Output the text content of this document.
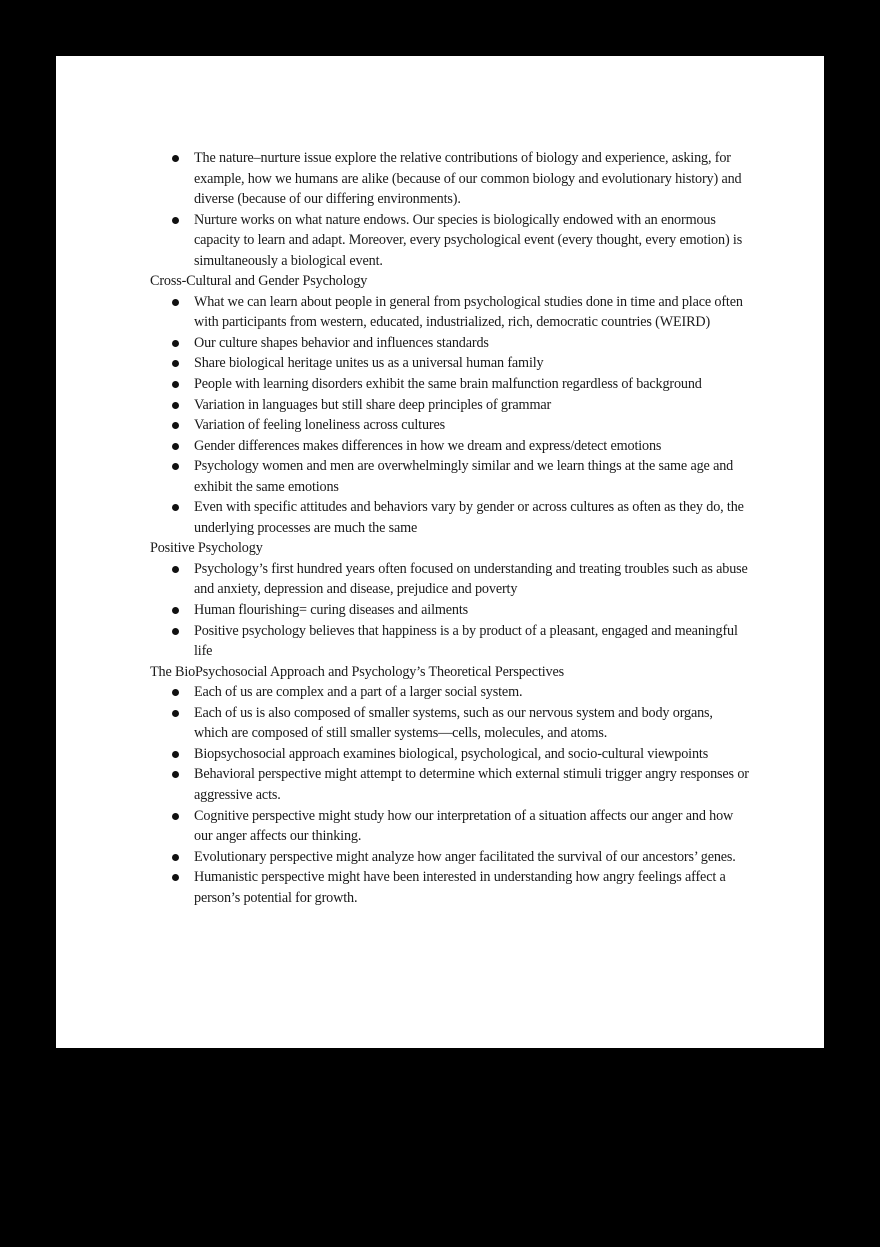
The nature–nurture issue explore the relative contributions of biology and experience, asking, for example, how we humans are alike (because of our common biology and evolutionary history) and diverse (because of our differing environments).
Nurture works on what nature endows. Our species is biologically endowed with an enormous capacity to learn and adapt. Moreover, every psychological event (every thought, every emotion) is simultaneously a biological event.
Cross-Cultural and Gender Psychology
What we can learn about people in general from psychological studies done in time and place often with participants from western, educated, industrialized, rich, democratic countries (WEIRD)
Our culture shapes behavior and influences standards
Share biological heritage unites us as a universal human family
People with learning disorders exhibit the same brain malfunction regardless of background
Variation in languages but still share deep principles of grammar
Variation of feeling loneliness across cultures
Gender differences makes differences in how we dream and express/detect emotions
Psychology women and men are overwhelmingly similar and we learn things at the same age and exhibit the same emotions
Even with specific attitudes and behaviors vary by gender or across cultures as often as they do, the underlying processes are much the same
Positive Psychology
Psychology’s first hundred years often focused on understanding and treating troubles such as abuse and anxiety, depression and disease, prejudice and poverty
Human flourishing= curing diseases and ailments
Positive psychology believes that happiness is a by product of a pleasant, engaged and meaningful life
The BioPsychosocial Approach and Psychology’s Theoretical Perspectives
Each of us are complex and a part of a larger social system.
Each of us is also composed of smaller systems, such as our nervous system and body organs, which are composed of still smaller systems—cells, molecules, and atoms.
Biopsychosocial approach examines biological, psychological, and socio-cultural viewpoints
Behavioral perspective might attempt to determine which external stimuli trigger angry responses or aggressive acts.
Cognitive perspective might study how our interpretation of a situation affects our anger and how our anger affects our thinking.
Evolutionary perspective might analyze how anger facilitated the survival of our ancestors’ genes.
Humanistic perspective might have been interested in understanding how angry feelings affect a person’s potential for growth.
